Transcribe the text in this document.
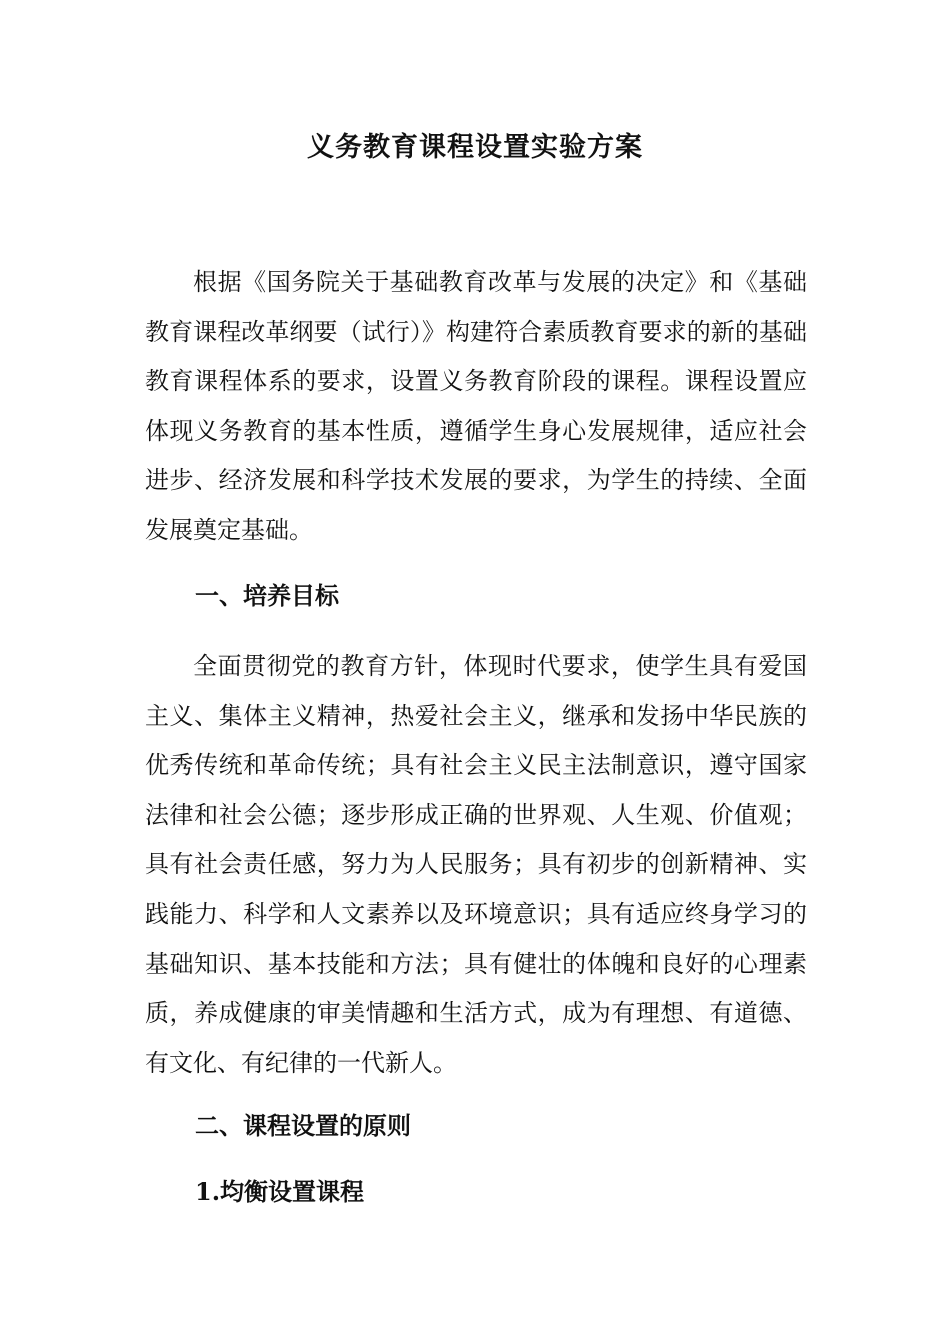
义务教育课程设置实验方案

根据《国务院关于基础教育改革与发展的决定》和《基础教育课程改革纲要（试行）》构建符合素质教育要求的新的基础教育课程体系的要求，设置义务教育阶段的课程。课程设置应体现义务教育的基本性质，遵循学生身心发展规律，适应社会进步、经济发展和科学技术发展的要求，为学生的持续、全面发展奠定基础。

一、培养目标

全面贯彻党的教育方针，体现时代要求，使学生具有爱国主义、集体主义精神，热爱社会主义，继承和发扬中华民族的优秀传统和革命传统；具有社会主义民主法制意识，遵守国家法律和社会公德；逐步形成正确的世界观、人生观、价值观；具有社会责任感，努力为人民服务；具有初步的创新精神、实践能力、科学和人文素养以及环境意识；具有适应终身学习的基础知识、基本技能和方法；具有健壮的体魄和良好的心理素质，养成健康的审美情趣和生活方式，成为有理想、有道德、有文化、有纪律的一代新人。

二、课程设置的原则
1.均衡设置课程
